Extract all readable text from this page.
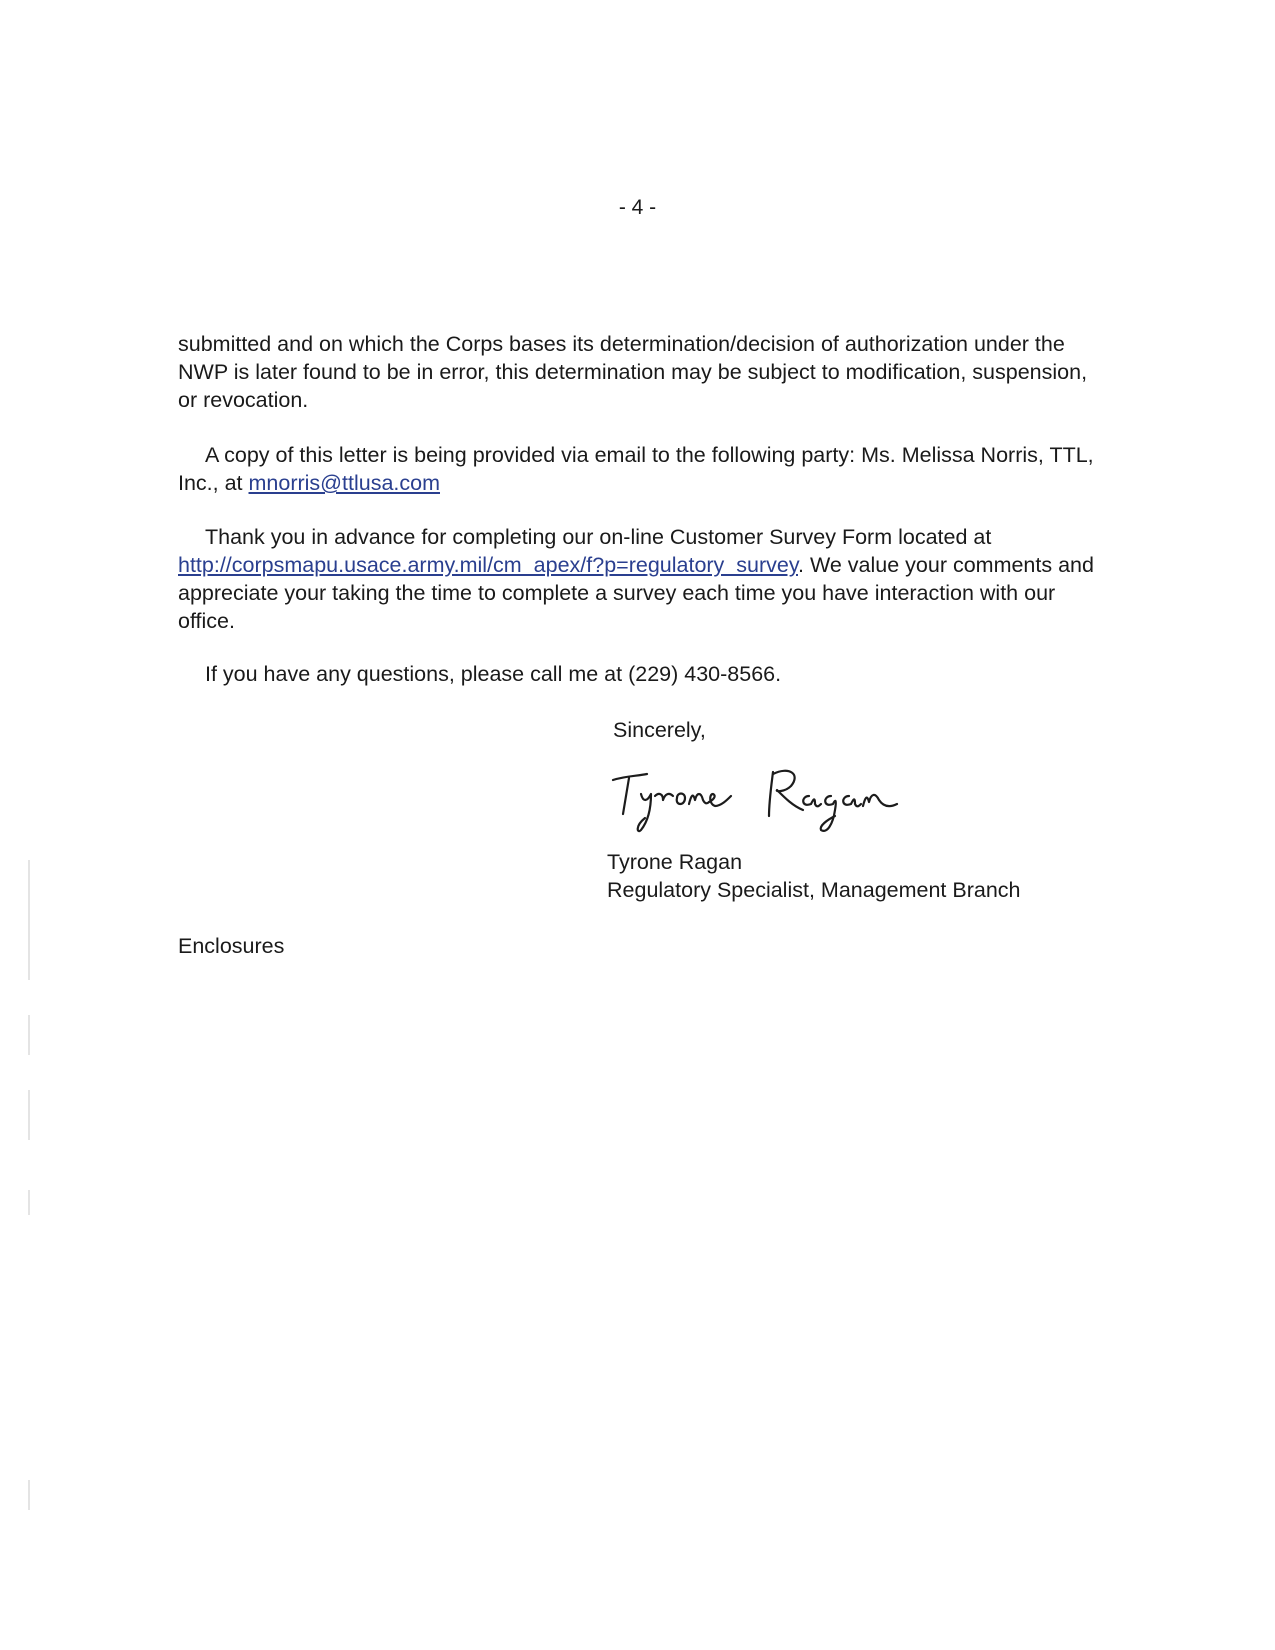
- 4 -

submitted and on which the Corps bases its determination/decision of authorization under the NWP is later found to be in error, this determination may be subject to modification, suspension, or revocation.

A copy of this letter is being provided via email to the following party: Ms. Melissa Norris, TTL, Inc., at mnorris@ttlusa.com

Thank you in advance for completing our on-line Customer Survey Form located at http://corpsmapu.usace.army.mil/cm_apex/f?p=regulatory_survey. We value your comments and appreciate your taking the time to complete a survey each time you have interaction with our office.

If you have any questions, please call me at (229) 430-8566.

Sincerely,
Tyrone Ragan
Regulatory Specialist, Management Branch
Enclosures
